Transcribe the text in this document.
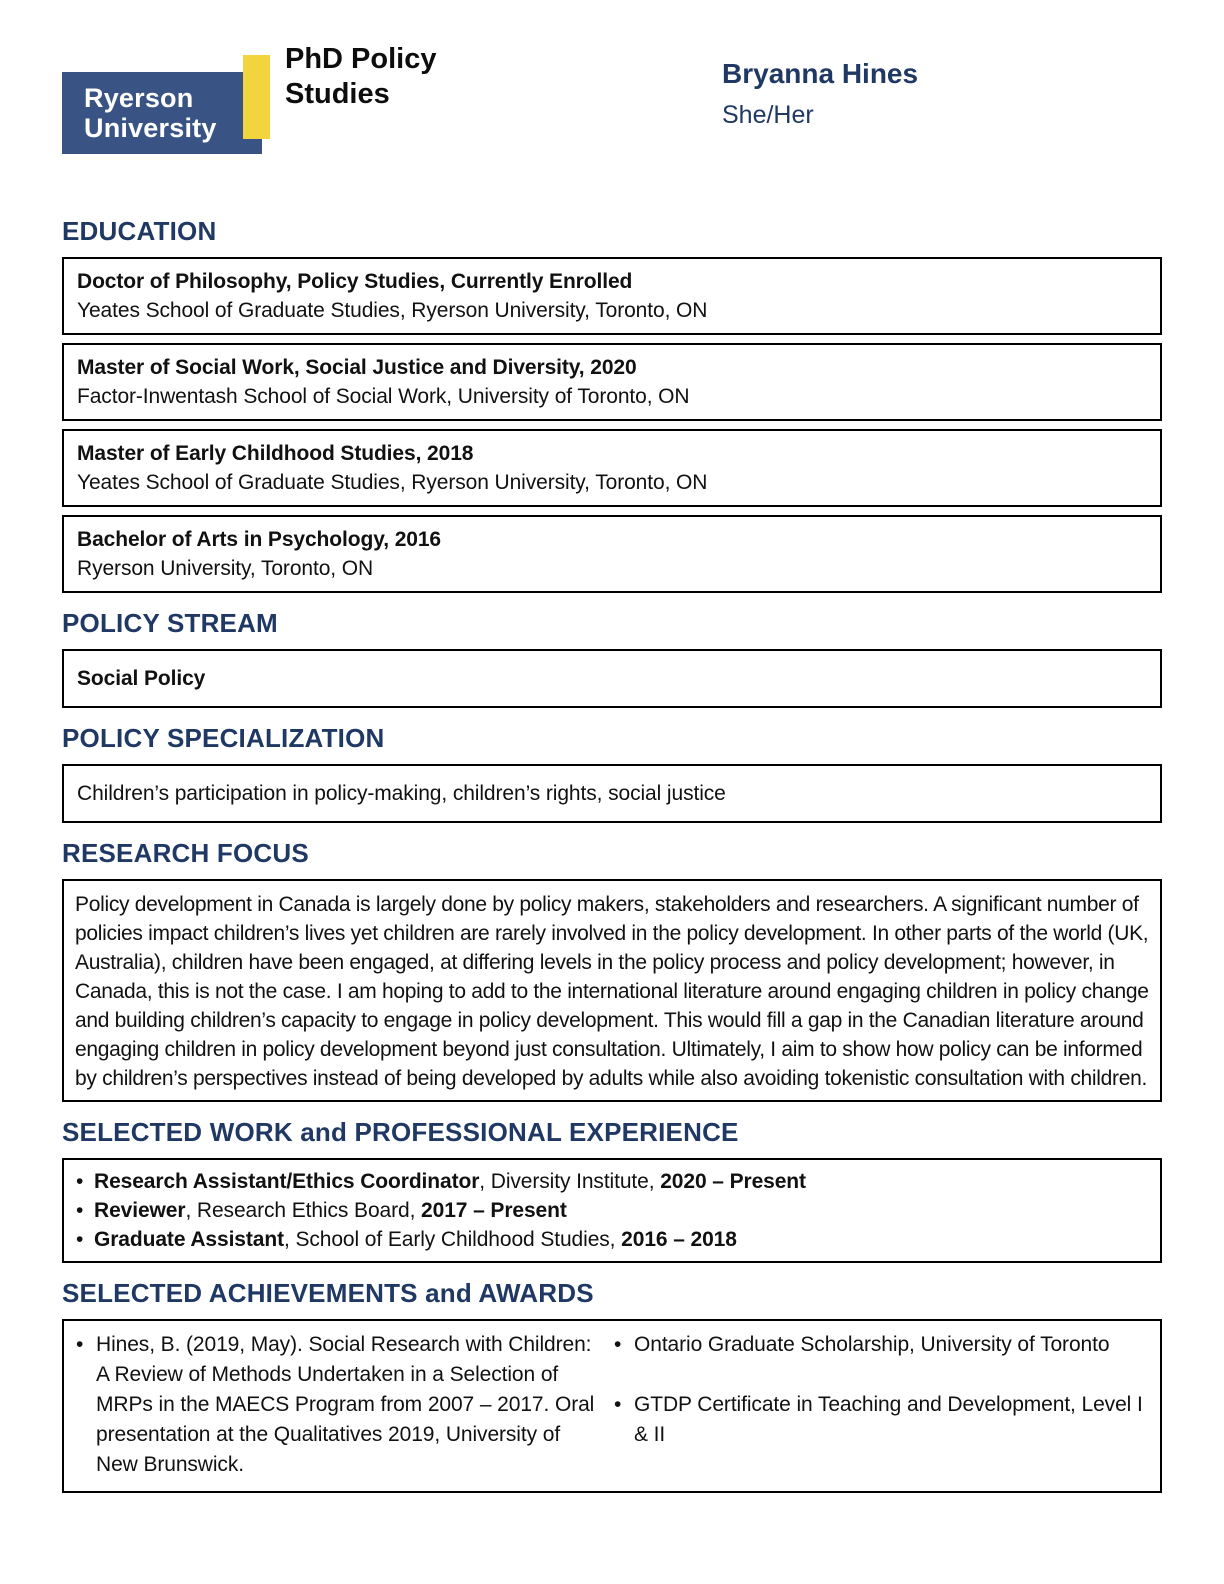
Ryerson
University
PhD Policy
Studies
Bryanna Hines
She/Her
EDUCATION
Doctor of Philosophy, Policy Studies, Currently Enrolled
Yeates School of Graduate Studies, Ryerson University, Toronto, ON
Master of Social Work, Social Justice and Diversity, 2020
Factor-Inwentash School of Social Work, University of Toronto, ON
Master of Early Childhood Studies, 2018
Yeates School of Graduate Studies, Ryerson University, Toronto, ON
Bachelor of Arts in Psychology, 2016
Ryerson University, Toronto, ON
POLICY STREAM
Social Policy
POLICY SPECIALIZATION
Children’s participation in policy-making, children’s rights, social justice
RESEARCH FOCUS
Policy development in Canada is largely done by policy makers, stakeholders and researchers. A significant number of policies impact children’s lives yet children are rarely involved in the policy development. In other parts of the world (UK, Australia), children have been engaged, at differing levels in the policy process and policy development; however, in Canada, this is not the case. I am hoping to add to the international literature around engaging children in policy change and building children’s capacity to engage in policy development. This would fill a gap in the Canadian literature around engaging children in policy development beyond just consultation. Ultimately, I aim to show how policy can be informed by children’s perspectives instead of being developed by adults while also avoiding tokenistic consultation with children.
SELECTED WORK and PROFESSIONAL EXPERIENCE
• Research Assistant/Ethics Coordinator, Diversity Institute, 2020 – Present
• Reviewer, Research Ethics Board, 2017 – Present
• Graduate Assistant, School of Early Childhood Studies, 2016 – 2018
SELECTED ACHIEVEMENTS and AWARDS
• Hines, B. (2019, May). Social Research with Children: A Review of Methods Undertaken in a Selection of MRPs in the MAECS Program from 2007 – 2017. Oral presentation at the Qualitatives 2019, University of New Brunswick.
• Ontario Graduate Scholarship, University of Toronto
• GTDP Certificate in Teaching and Development, Level I & II
